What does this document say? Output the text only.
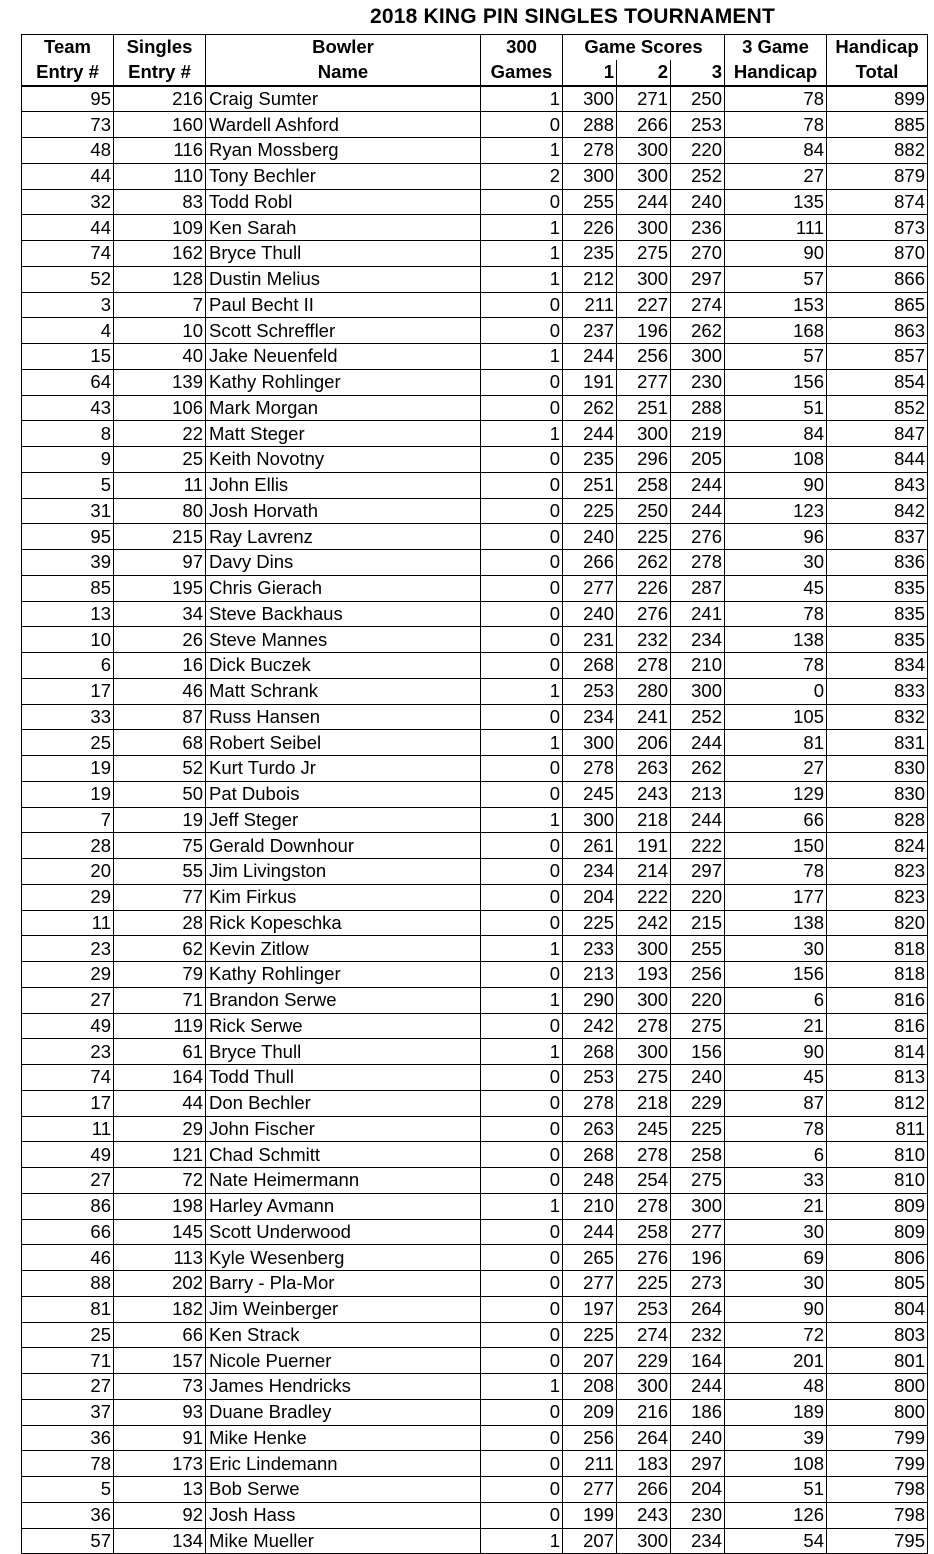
2018 KING PIN SINGLES TOURNAMENT
Team	Singles	Bowler	300	Game Scores			3 Game	Handicap
Entry #	Entry #	Name	Games	1	2	3	Handicap	Total
95	216	Craig Sumter	1	300	271	250	78	899
73	160	Wardell Ashford	0	288	266	253	78	885
48	116	Ryan Mossberg	1	278	300	220	84	882
44	110	Tony Bechler	2	300	300	252	27	879
32	83	Todd Robl	0	255	244	240	135	874
44	109	Ken Sarah	1	226	300	236	111	873
74	162	Bryce Thull	1	235	275	270	90	870
52	128	Dustin Melius	1	212	300	297	57	866
3	7	Paul Becht II	0	211	227	274	153	865
4	10	Scott Schreffler	0	237	196	262	168	863
15	40	Jake Neuenfeld	1	244	256	300	57	857
64	139	Kathy Rohlinger	0	191	277	230	156	854
43	106	Mark Morgan	0	262	251	288	51	852
8	22	Matt Steger	1	244	300	219	84	847
9	25	Keith Novotny	0	235	296	205	108	844
5	11	John Ellis	0	251	258	244	90	843
31	80	Josh Horvath	0	225	250	244	123	842
95	215	Ray Lavrenz	0	240	225	276	96	837
39	97	Davy Dins	0	266	262	278	30	836
85	195	Chris Gierach	0	277	226	287	45	835
13	34	Steve Backhaus	0	240	276	241	78	835
10	26	Steve Mannes	0	231	232	234	138	835
6	16	Dick Buczek	0	268	278	210	78	834
17	46	Matt Schrank	1	253	280	300	0	833
33	87	Russ Hansen	0	234	241	252	105	832
25	68	Robert Seibel	1	300	206	244	81	831
19	52	Kurt Turdo Jr	0	278	263	262	27	830
19	50	Pat Dubois	0	245	243	213	129	830
7	19	Jeff Steger	1	300	218	244	66	828
28	75	Gerald Downhour	0	261	191	222	150	824
20	55	Jim Livingston	0	234	214	297	78	823
29	77	Kim Firkus	0	204	222	220	177	823
11	28	Rick Kopeschka	0	225	242	215	138	820
23	62	Kevin Zitlow	1	233	300	255	30	818
29	79	Kathy Rohlinger	0	213	193	256	156	818
27	71	Brandon Serwe	1	290	300	220	6	816
49	119	Rick Serwe	0	242	278	275	21	816
23	61	Bryce Thull	1	268	300	156	90	814
74	164	Todd Thull	0	253	275	240	45	813
17	44	Don Bechler	0	278	218	229	87	812
11	29	John Fischer	0	263	245	225	78	811
49	121	Chad Schmitt	0	268	278	258	6	810
27	72	Nate Heimermann	0	248	254	275	33	810
86	198	Harley Avmann	1	210	278	300	21	809
66	145	Scott Underwood	0	244	258	277	30	809
46	113	Kyle Wesenberg	0	265	276	196	69	806
88	202	Barry - Pla-Mor	0	277	225	273	30	805
81	182	Jim Weinberger	0	197	253	264	90	804
25	66	Ken Strack	0	225	274	232	72	803
71	157	Nicole Puerner	0	207	229	164	201	801
27	73	James Hendricks	1	208	300	244	48	800
37	93	Duane Bradley	0	209	216	186	189	800
36	91	Mike Henke	0	256	264	240	39	799
78	173	Eric Lindemann	0	211	183	297	108	799
5	13	Bob Serwe	0	277	266	204	51	798
36	92	Josh Hass	0	199	243	230	126	798
57	134	Mike Mueller	1	207	300	234	54	795
